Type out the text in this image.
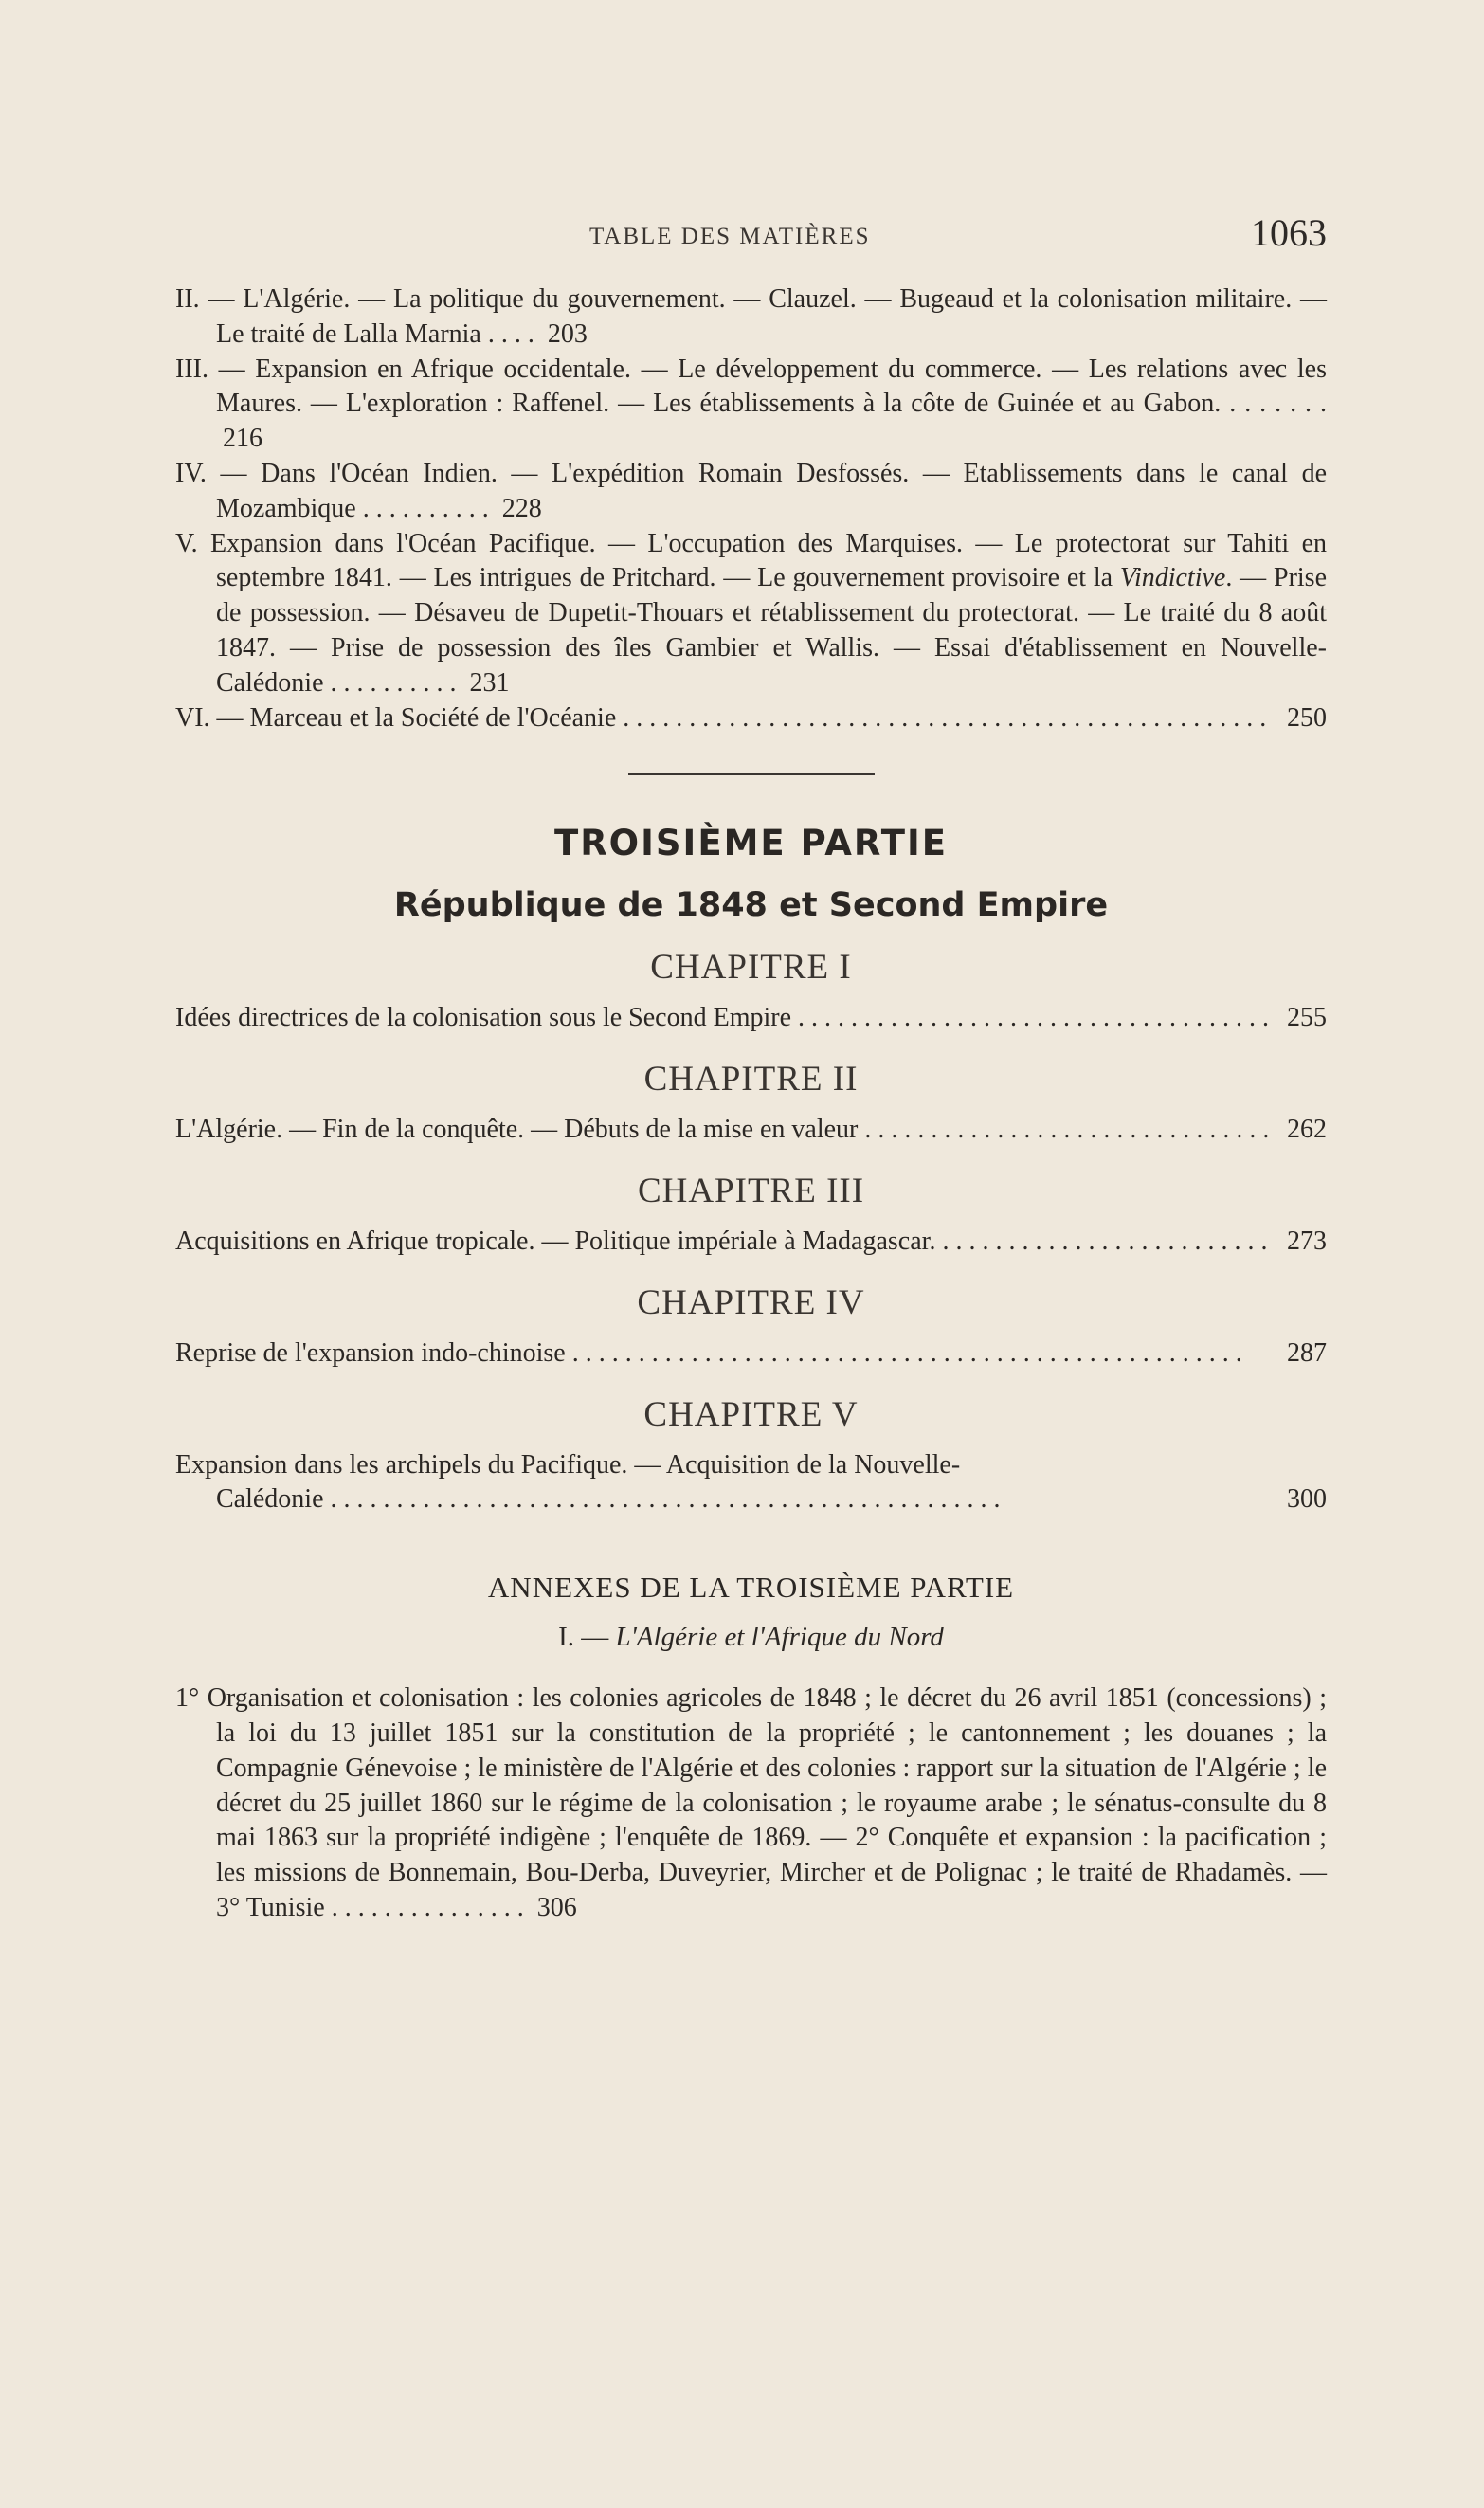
TABLE DES MATIÈRES	1063

II. — L'Algérie. — La politique du gouvernement. — Clauzel. — Bugeaud et la colonisation militaire. — Le traité de Lalla Marnia . . . .  203

III. — Expansion en Afrique occidentale. — Le développement du commerce. — Les relations avec les Maures. — L'exploration : Raffenel. — Les établissements à la côte de Guinée et au Gabon. . . . . . . .  216

IV. — Dans l'Océan Indien. — L'expédition Romain Desfossés. — Etablissements dans le canal de Mozambique . . . . . . . . . .  228

V. Expansion dans l'Océan Pacifique. — L'occupation des Marquises. — Le protectorat sur Tahiti en septembre 1841. — Les intrigues de Pritchard. — Le gouvernement provisoire et la Vindictive. — Prise de possession. — Désaveu de Dupetit-Thouars et rétablissement du protectorat. — Le traité du 8 août 1847. — Prise de possession des îles Gambier et Wallis. — Essai d'établissement en Nouvelle-Calédonie . . . . . . . . . .  231

VI. — Marceau et la Société de l'Océanie . . .	250

TROISIÈME PARTIE

République de 1848 et Second Empire

CHAPITRE I

Idées directrices de la colonisation sous le Second Empire . . .	255

CHAPITRE II

L'Algérie. — Fin de la conquête. — Débuts de la mise en valeur . . .	262

CHAPITRE III

Acquisitions en Afrique tropicale. — Politique impériale à Madagascar. . . .	273

CHAPITRE IV

Reprise de l'expansion indo-chinoise . . .	287

CHAPITRE V

Expansion dans les archipels du Pacifique. — Acquisition de la Nouvelle-

Calédonie . . .	300

ANNEXES DE LA TROISIÈME PARTIE

I. — L'Algérie et l'Afrique du Nord

1° Organisation et colonisation : les colonies agricoles de 1848 ; le décret du 26 avril 1851 (concessions) ; la loi du 13 juillet 1851 sur la constitution de la propriété ; le cantonnement ; les douanes ; la Compagnie Génevoise ; le ministère de l'Algérie et des colonies : rapport sur la situation de l'Algérie ; le décret du 25 juillet 1860 sur le régime de la colonisation ; le royaume arabe ; le sénatus-consulte du 8 mai 1863 sur la propriété indigène ; l'enquête de 1869. — 2° Conquête et expansion : la pacification ; les missions de Bonnemain, Bou-Derba, Duveyrier, Mircher et de Polignac ; le traité de Rhadamès. — 3° Tunisie . . . . . . . . . . . . . . .  306
